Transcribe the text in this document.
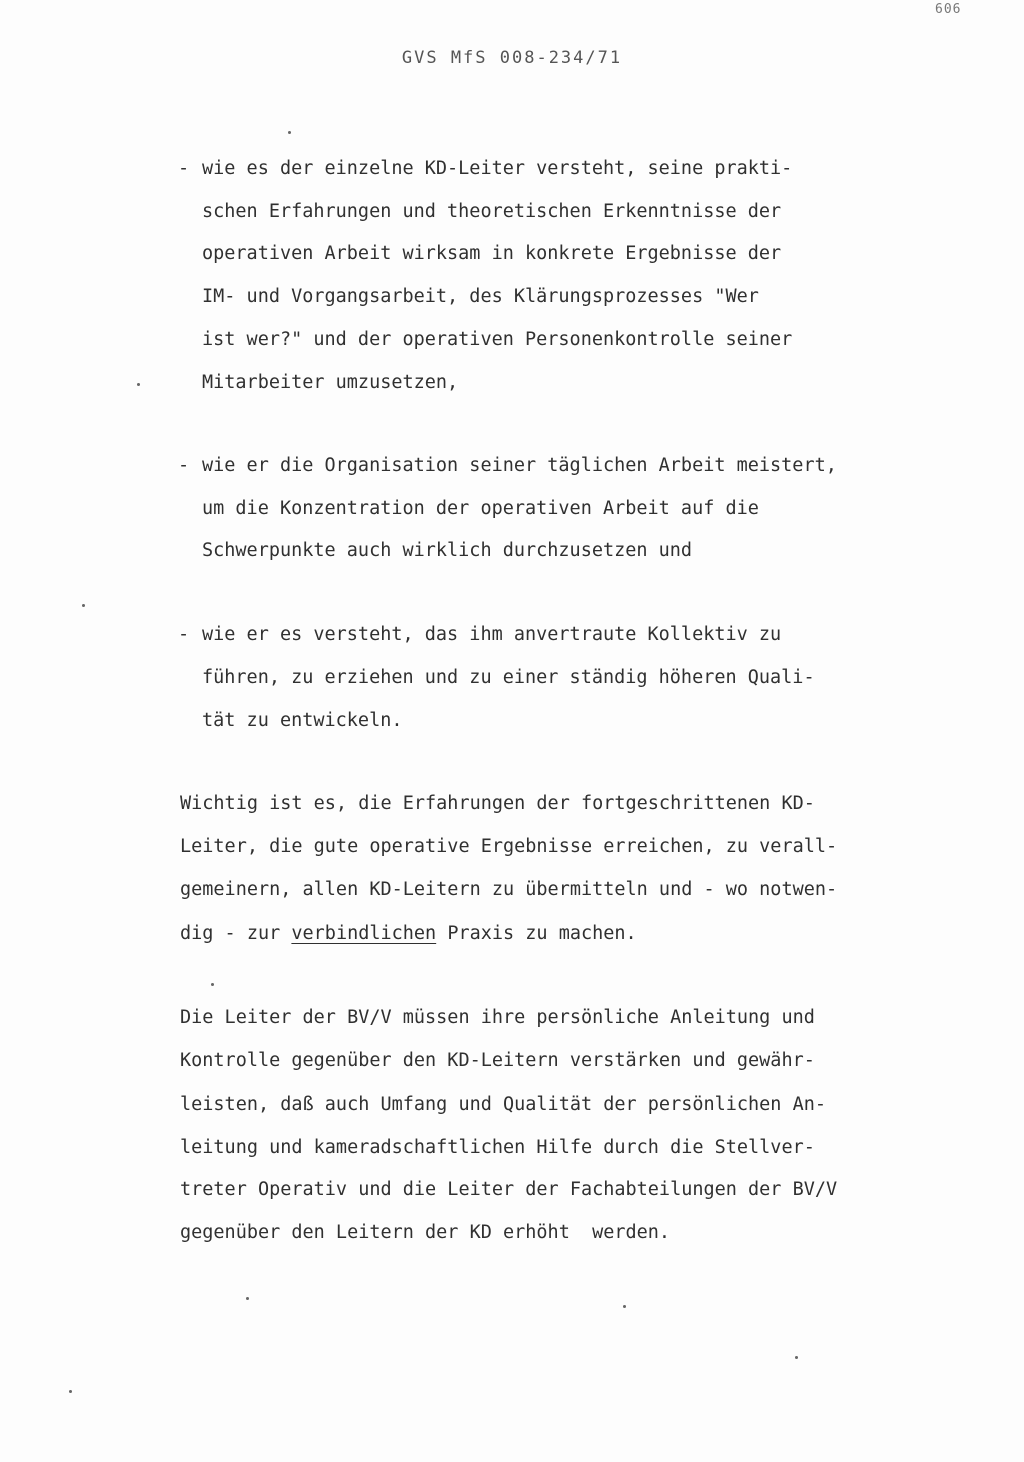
606
GVS MfS 008-234/71
- wie es der einzelne KD-Leiter versteht, seine prakti-
schen Erfahrungen und theoretischen Erkenntnisse der
operativen Arbeit wirksam in konkrete Ergebnisse der
IM- und Vorgangsarbeit, des Klärungsprozesses "Wer
ist wer?" und der operativen Personenkontrolle seiner
Mitarbeiter umzusetzen,
- wie er die Organisation seiner täglichen Arbeit meistert,
um die Konzentration der operativen Arbeit auf die
Schwerpunkte auch wirklich durchzusetzen und
- wie er es versteht, das ihm anvertraute Kollektiv zu
führen, zu erziehen und zu einer ständig höheren Quali-
tät zu entwickeln.
Wichtig ist es, die Erfahrungen der fortgeschrittenen KD-
Leiter, die gute operative Ergebnisse erreichen, zu verall-
gemeinern, allen KD-Leitern zu übermitteln und - wo notwen-
dig - zur verbindlichen Praxis zu machen.
Die Leiter der BV/V müssen ihre persönliche Anleitung und
Kontrolle gegenüber den KD-Leitern verstärken und gewähr-
leisten, daß auch Umfang und Qualität der persönlichen An-
leitung und kameradschaftlichen Hilfe durch die Stellver-
treter Operativ und die Leiter der Fachabteilungen der BV/V
gegenüber den Leitern der KD erhöht  werden.
